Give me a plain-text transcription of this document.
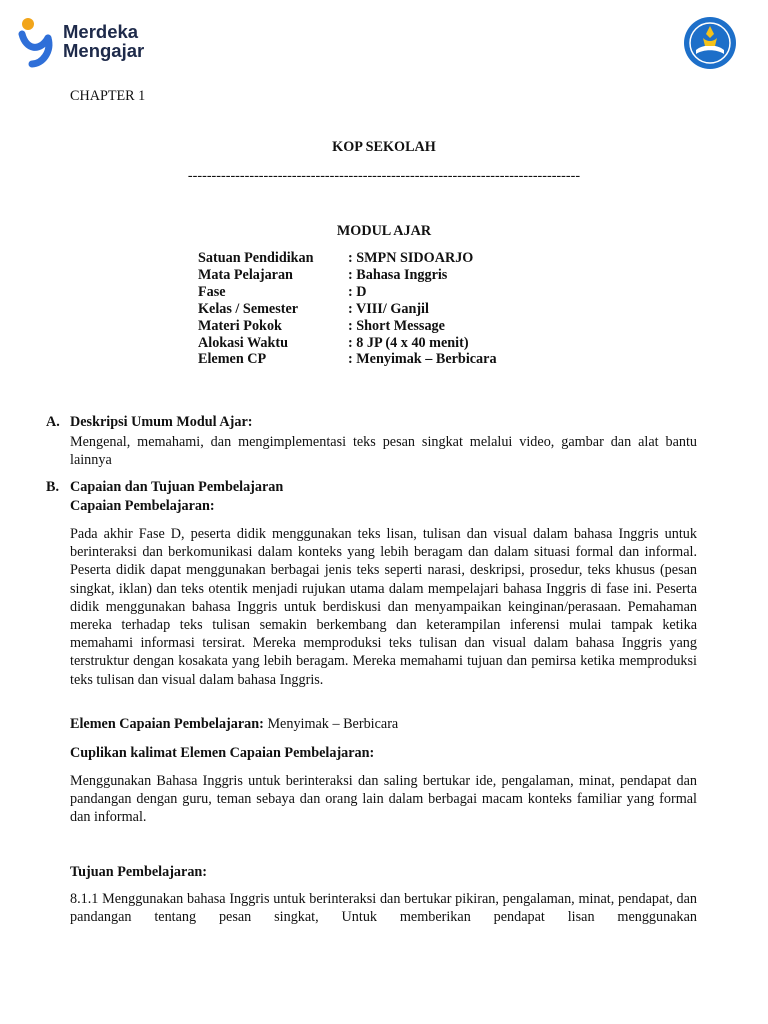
Merdeka
Mengajar
CHAPTER 1
KOP SEKOLAH
-----------------------------------------------------------------------------------
MODUL AJAR
Satuan Pendidikan	: SMPN SIDOARJO
Mata Pelajaran	: Bahasa Inggris
Fase	: D
Kelas / Semester	: VIII/ Ganjil
Materi Pokok	: Short Message
Alokasi Waktu	: 8 JP (4 x 40 menit)
Elemen CP	: Menyimak – Berbicara
A. Deskripsi Umum Modul Ajar:

Mengenal, memahami, dan mengimplementasi teks pesan singkat melalui video, gambar dan alat bantu lainnya

B. Capaian dan Tujuan Pembelajaran
Capaian Pembelajaran:

Pada akhir Fase D, peserta didik menggunakan teks lisan, tulisan dan visual dalam bahasa Inggris untuk berinteraksi dan berkomunikasi dalam konteks yang lebih beragam dan dalam situasi formal dan informal. Peserta didik dapat menggunakan berbagai jenis teks seperti narasi, deskripsi, prosedur, teks khusus (pesan singkat, iklan) dan teks otentik menjadi rujukan utama dalam mempelajari bahasa Inggris di fase ini. Peserta didik menggunakan bahasa Inggris untuk berdiskusi dan menyampaikan keinginan/perasaan. Pemahaman mereka terhadap teks tulisan semakin berkembang dan keterampilan inferensi mulai tampak ketika memahami informasi tersirat. Mereka memproduksi teks tulisan dan visual dalam bahasa Inggris yang terstruktur dengan kosakata yang lebih beragam. Mereka memahami tujuan dan pemirsa ketika memproduksi teks tulisan dan visual dalam bahasa Inggris.

Elemen Capaian Pembelajaran: Menyimak – Berbicara
Cuplikan kalimat Elemen Capaian Pembelajaran:

Menggunakan Bahasa Inggris untuk berinteraksi dan saling bertukar ide, pengalaman, minat, pendapat dan pandangan dengan guru, teman sebaya dan orang lain dalam berbagai macam konteks familiar yang formal dan informal.

Tujuan Pembelajaran:

8.1.1 Menggunakan bahasa Inggris untuk berinteraksi dan bertukar pikiran, pengalaman, minat, pendapat, dan pandangan tentang pesan singkat, Untuk memberikan pendapat lisan menggunakan
